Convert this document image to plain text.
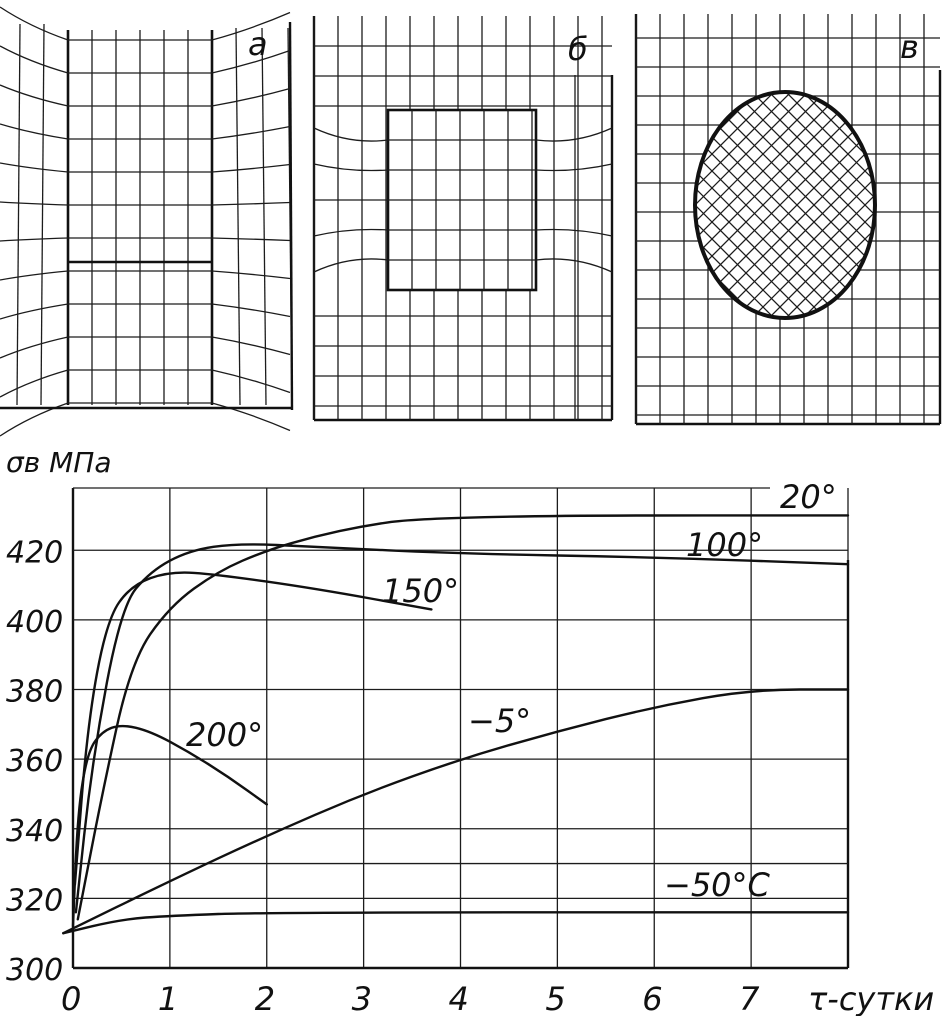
а	б	в
300
320
340
360
380
400
420
0 1 2 3 4 5 6 7
20°
100°
150°
200°	−5°
−50°C
σв МПа
τ-сутки
